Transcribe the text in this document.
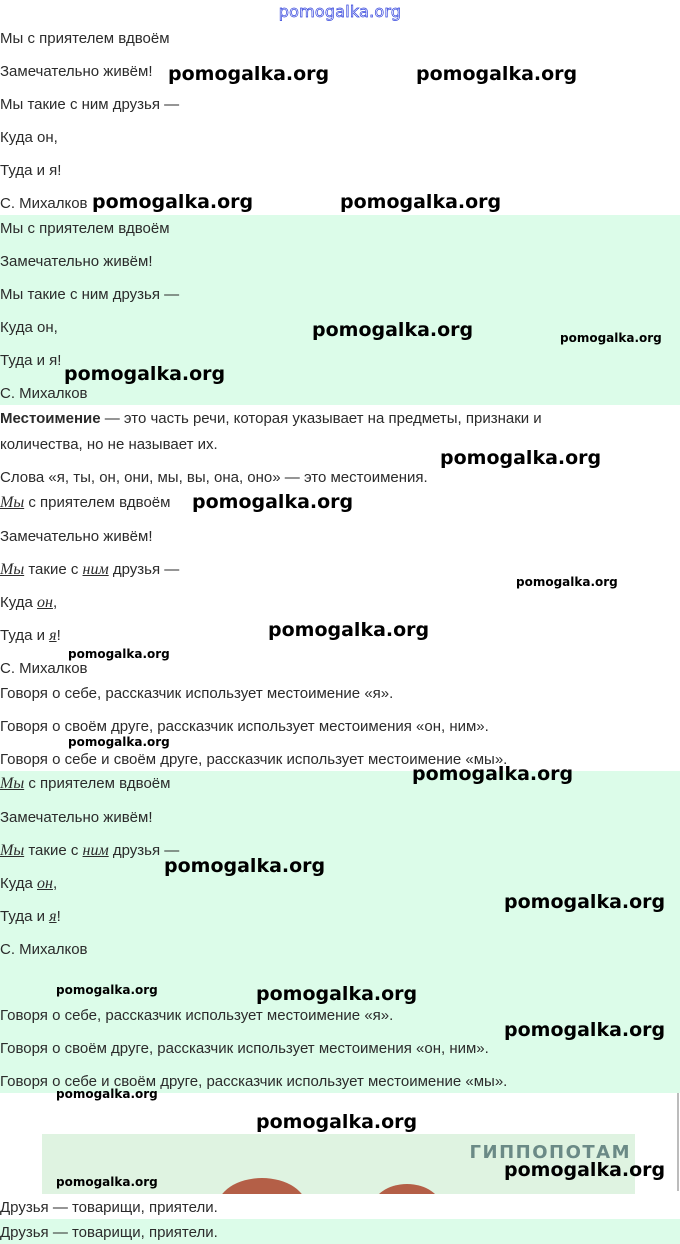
pomogalka.org
Мы с приятелем вдвоём
Замечательно живём!
Мы такие с ним друзья —
Куда он,
Туда и я!
С. Михалков
Мы с приятелем вдвоём
Замечательно живём!
Мы такие с ним друзья —
Куда он,
Туда и я!
С. Михалков
Местоимение — это часть речи, которая указывает на предметы, признаки и
количества, но не называет их.
Слова «я, ты, он, они, мы, вы, она, оно» — это местоимения.
Мы с приятелем вдвоём
Замечательно живём!
Мы такие с ним друзья —
Куда он,
Туда и я!
С. Михалков
Говоря о себе, рассказчик использует местоимение «я».
Говоря о своём друге, рассказчик использует местоимения «он, ним».
Говоря о себе и своём друге, рассказчик использует местоимение «мы».
Мы с приятелем вдвоём
Замечательно живём!
Мы такие с ним друзья —
Куда он,
Туда и я!
С. Михалков
Говоря о себе, рассказчик использует местоимение «я».
Говоря о своём друге, рассказчик использует местоимения «он, ним».
Говоря о себе и своём друге, рассказчик использует местоимение «мы».
ГИППОПОТАМ
Друзья — товарищи, приятели.
Друзья — товарищи, приятели.
pomogalka.org	pomogalka.org
pomogalka.org	pomogalka.org
pomogalka.org	pomogalka.org
pomogalka.org
pomogalka.org
pomogalka.org
pomogalka.org
pomogalka.org
pomogalka.org
pomogalka.org
pomogalka.org
pomogalka.org
pomogalka.org
pomogalka.org	pomogalka.org
pomogalka.org
pomogalka.org
pomogalka.org
pomogalka.org
pomogalka.org
